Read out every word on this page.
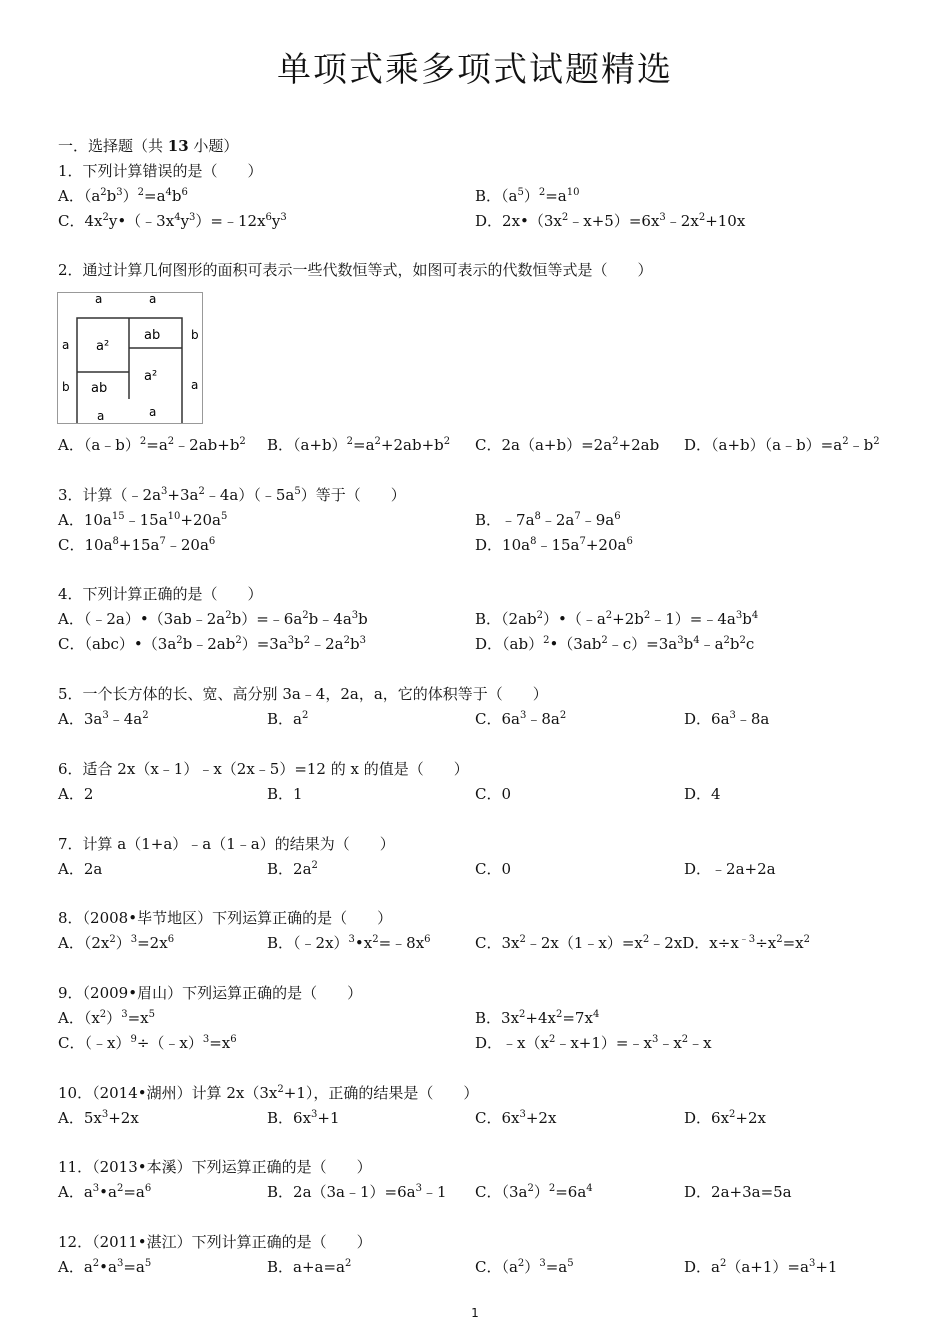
单项式乘多项式试题精选
一．选择题（共 13 小题）
1．下列计算错误的是（　　）
A．$(a^2b^3)^2=a^4b^6$	B．$(a^5)^2=a^{10}$
C．$4x^2y•(﹣3x^4y^3)=﹣12x^6y^3$	D．$2x•(3x^2﹣x+5)=6x^3﹣2x^2+10x$
2．通过计算几何图形的面积可表示一些代数恒等式，如图可表示的代数恒等式是（　　）
a	a
a
b
b
a
a	a
a²
ab
ab
a²
A．$(a﹣b)^2=a^2﹣2ab+b^2$ B．$(a+b)^2=a^2+2ab+b^2$ C．$2a(a+b)=2a^2+2ab$ D．$(a+b)(a﹣b)=a^2﹣b^2$
3．计算$(﹣2a^3+3a^2﹣4a)(﹣5a^5)$等于（　　）
A．$10a^{15}﹣15a^{10}+20a^5$	B．$﹣7a^8﹣2a^7﹣9a^6$
C．$10a^8+15a^7﹣20a^6$	D．$10a^8﹣15a^7+20a^6$
4．下列计算正确的是（　　）
A．$(﹣2a)•(3ab﹣2a^2b)=﹣6a^2b﹣4a^3b$	B．$(2ab^2)•(﹣a^2+2b^2﹣1)=﹣4a^3b^4$
C．$(abc)•(3a^2b﹣2ab^2)=3a^3b^2﹣2a^2b^3$	D．$(ab)^2•(3ab^2﹣c)=3a^3b^4﹣a^2b^2c$
5．一个长方体的长、宽、高分别 3a﹣4，2a，a，它的体积等于（　　）
A．$3a^3﹣4a^2$	B．$a^2$	C．$6a^3﹣8a^2$	D．$6a^3﹣8a$
6．适合 2x（x﹣1）﹣x（2x﹣5）=12 的 x 的值是（　　）
A．2	B．1	C．0	D．4
7．计算 a（1+a）﹣a（1﹣a）的结果为（　　）
A．2a	B．$2a^2$	C．0	D．﹣2a+2a
8．（2008•毕节地区）下列运算正确的是（　　）
A．$(2x^2)^3=2x^6$	B．$(﹣2x)^3•x^2=﹣8x^6$	C．$3x^2﹣2x(1﹣x)=x^2﹣2xD$．$x\div x^{﹣3}\div x^2=x^2$
9．（2009•眉山）下列运算正确的是（　　）
A．$(x^2)^3=x^5$	B．$3x^2+4x^2=7x^4$
C．$(﹣x)^9\div(﹣x)^3=x^6$	D．$﹣x(x^2﹣x+1)=﹣x^3﹣x^2﹣x$
10．（2014•湖州）计算 $2x(3x^2+1)$，正确的结果是（　　）
A．$5x^3+2x$	B．$6x^3+1$	C．$6x^3+2x$	D．$6x^2+2x$
11．（2013•本溪）下列运算正确的是（　　）
A．$a^3•a^2=a^6$	B．$2a(3a﹣1)=6a^3﹣1$ C．$(3a^2)^2=6a^4$	D．2a+3a=5a
12．（2011•湛江）下列计算正确的是（　　）
A．$a^2•a^3=a^5$	B．$a+a=a^2$	C．$(a^2)^3=a^5$	D．$a^2(a+1)=a^3+1$
1
